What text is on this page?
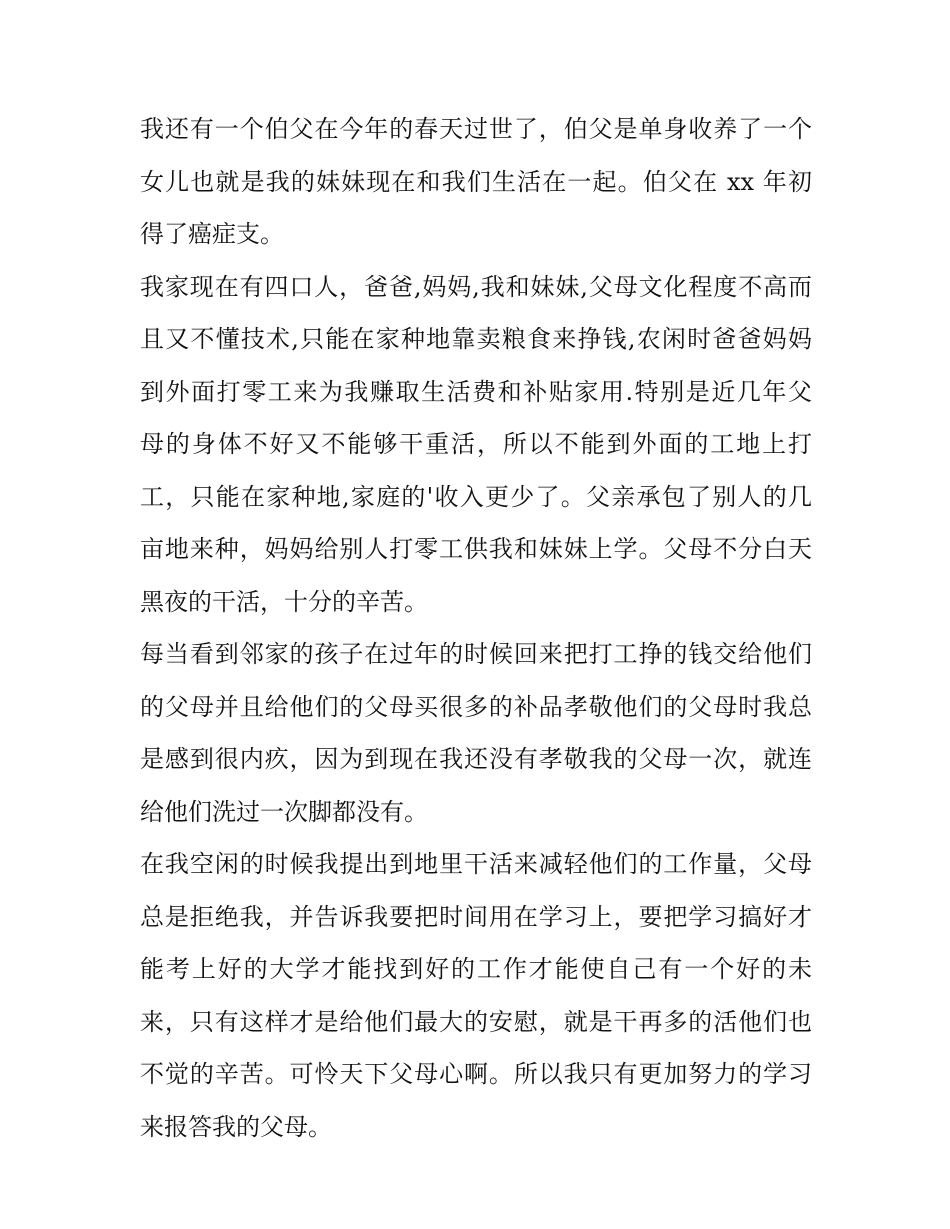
我还有一个伯父在今年的春天过世了，伯父是单身收养了一个
女儿也就是我的妹妹现在和我们生活在一起。伯父在 xx 年初
得了癌症支。
我家现在有四口人，爸爸,妈妈,我和妹妹,父母文化程度不高而
且又不懂技术,只能在家种地靠卖粮食来挣钱,农闲时爸爸妈妈
到外面打零工来为我赚取生活费和补贴家用.特别是近几年父
母的身体不好又不能够干重活，所以不能到外面的工地上打
工，只能在家种地,家庭的'收入更少了。父亲承包了别人的几
亩地来种，妈妈给别人打零工供我和妹妹上学。父母不分白天
黑夜的干活，十分的辛苦。
每当看到邻家的孩子在过年的时候回来把打工挣的钱交给他们
的父母并且给他们的父母买很多的补品孝敬他们的父母时我总
是感到很内疚，因为到现在我还没有孝敬我的父母一次，就连
给他们洗过一次脚都没有。
在我空闲的时候我提出到地里干活来减轻他们的工作量，父母
总是拒绝我，并告诉我要把时间用在学习上，要把学习搞好才
能考上好的大学才能找到好的工作才能使自己有一个好的未
来，只有这样才是给他们最大的安慰，就是干再多的活他们也
不觉的辛苦。可怜天下父母心啊。所以我只有更加努力的学习
来报答我的父母。
